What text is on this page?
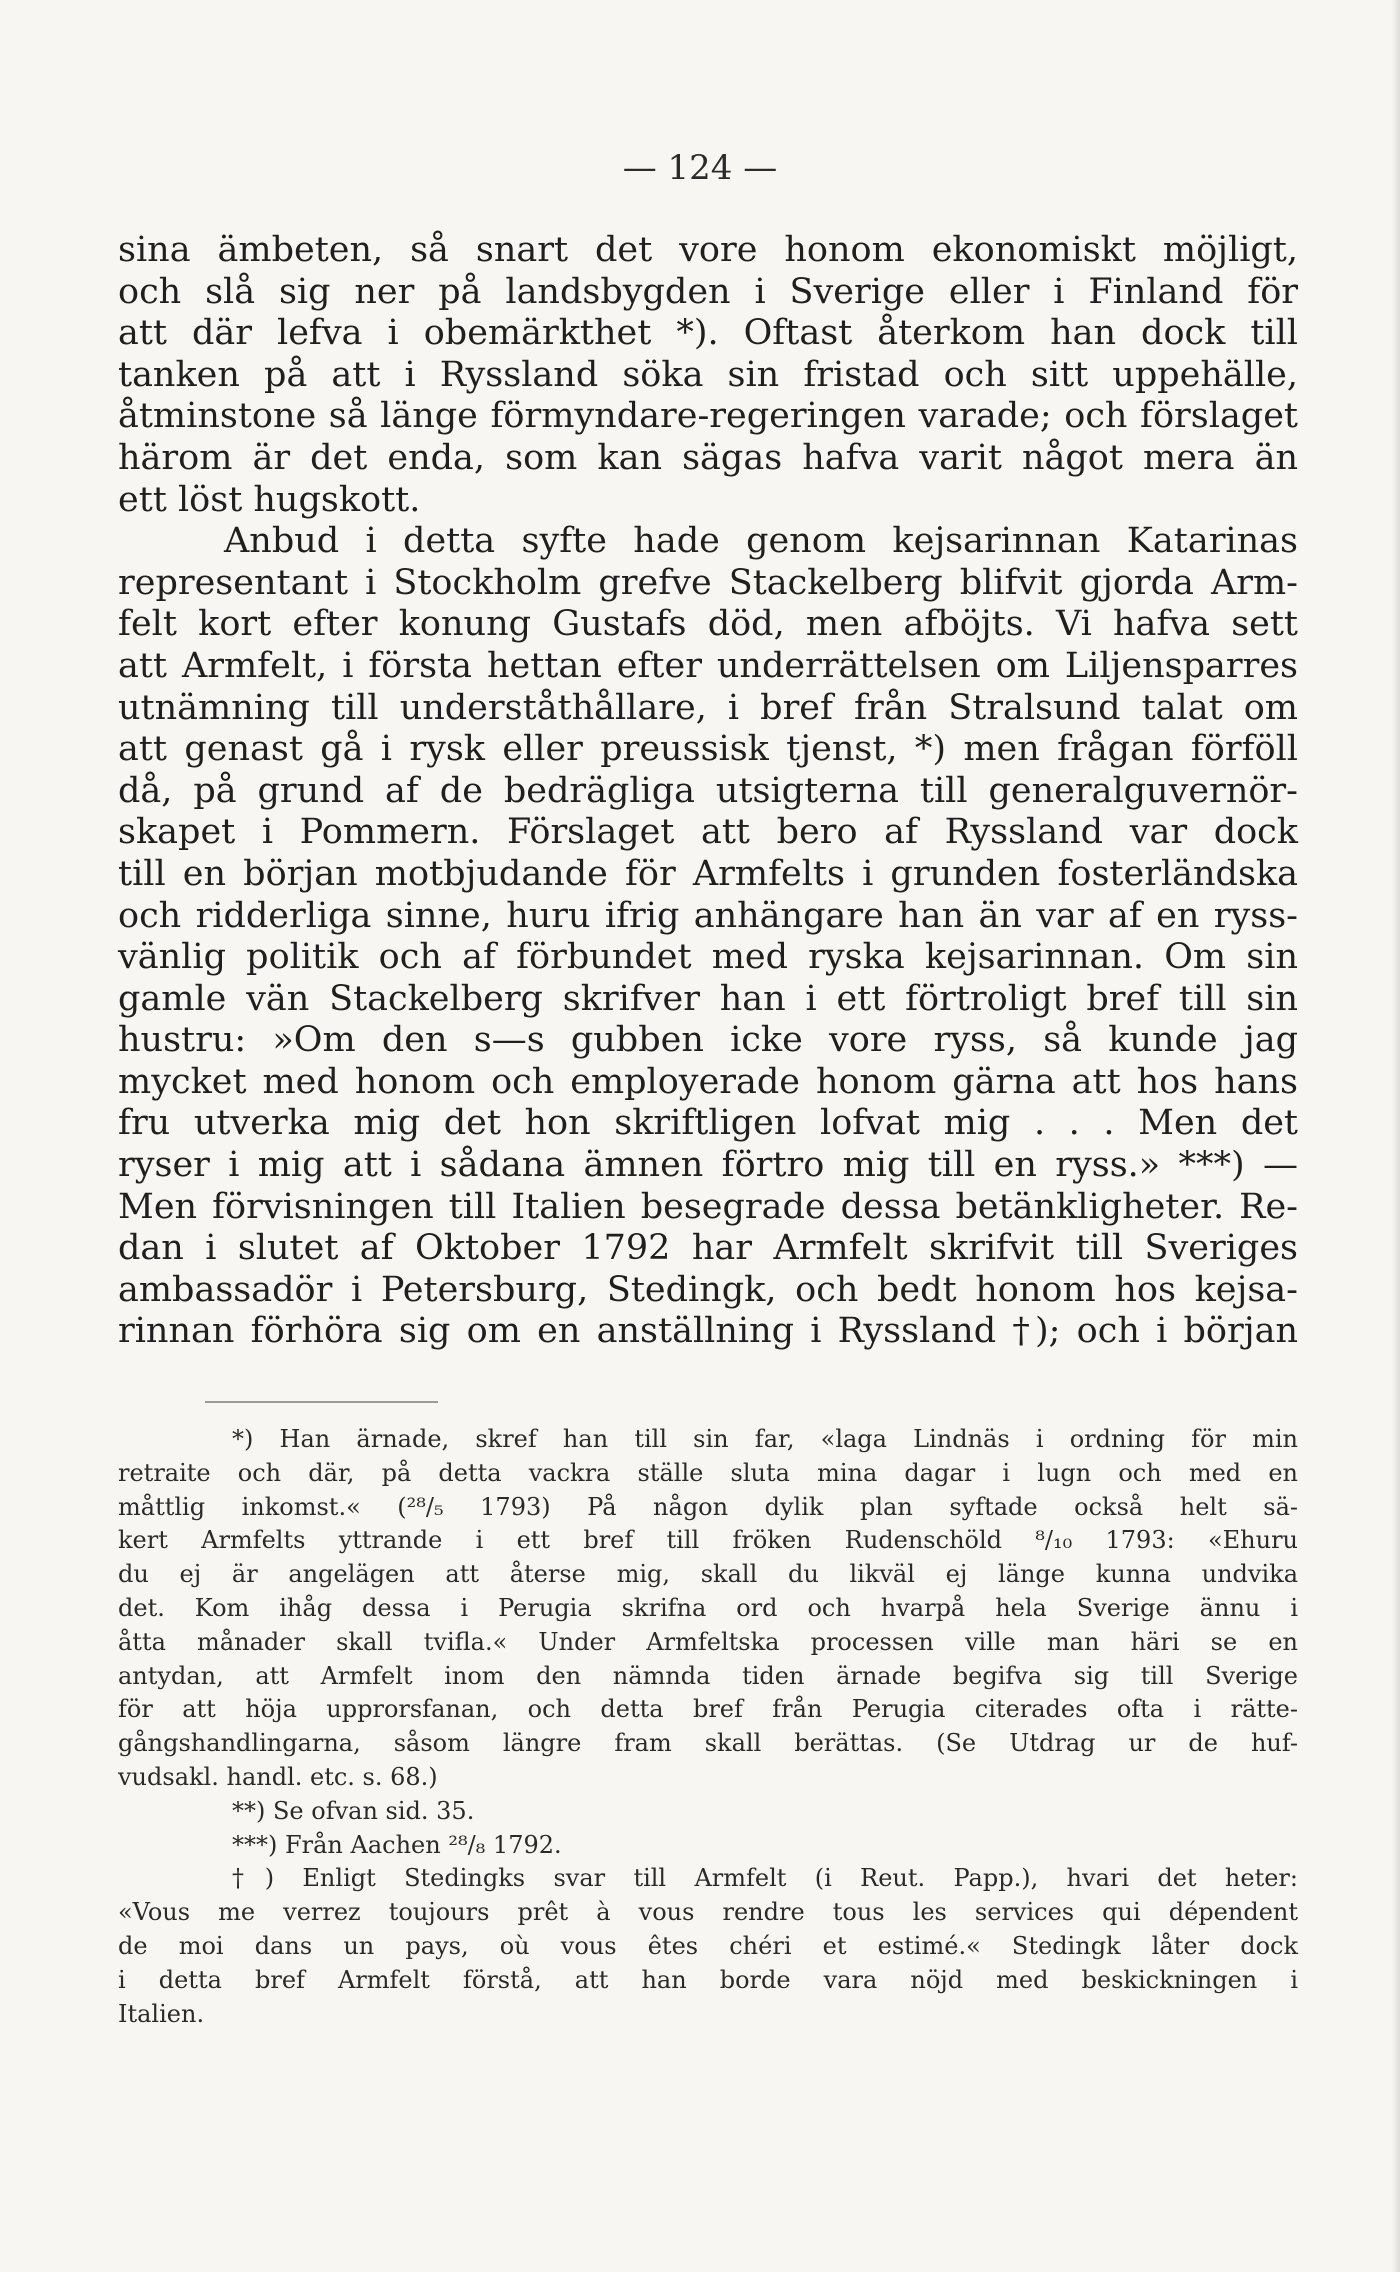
— 124 —
sina ämbeten, så snart det vore honom ekonomiskt möjligt,
och slå sig ner på landsbygden i Sverige eller i Finland för
att där lefva i obemärkthet *). Oftast återkom han dock till
tanken på att i Ryssland söka sin fristad och sitt uppehälle,
åtminstone så länge förmyndare-regeringen varade; och förslaget
härom är det enda, som kan sägas hafva varit något mera än
ett löst hugskott.
Anbud i detta syfte hade genom kejsarinnan Katarinas
representant i Stockholm grefve Stackelberg blifvit gjorda Arm-
felt kort efter konung Gustafs död, men afböjts. Vi hafva sett
att Armfelt, i första hettan efter underrättelsen om Liljensparres
utnämning till underståthållare, i bref från Stralsund talat om
att genast gå i rysk eller preussisk tjenst, *) men frågan förföll
då, på grund af de bedrägliga utsigterna till generalguvernör-
skapet i Pommern. Förslaget att bero af Ryssland var dock
till en början motbjudande för Armfelts i grunden fosterländska
och ridderliga sinne, huru ifrig anhängare han än var af en ryss-
vänlig politik och af förbundet med ryska kejsarinnan. Om sin
gamle vän Stackelberg skrifver han i ett förtroligt bref till sin
hustru: »Om den s—s gubben icke vore ryss, så kunde jag
mycket med honom och employerade honom gärna att hos hans
fru utverka mig det hon skriftligen lofvat mig . . . Men det
ryser i mig att i sådana ämnen förtro mig till en ryss.» ***) —
Men förvisningen till Italien besegrade dessa betänkligheter. Re-
dan i slutet af Oktober 1792 har Armfelt skrifvit till Sveriges
ambassadör i Petersburg, Stedingk, och bedt honom hos kejsa-
rinnan förhöra sig om en anställning i Ryssland †); och i början
*) Han ärnade, skref han till sin far, «laga Lindnäs i ordning för min
retraite och där, på detta vackra ställe sluta mina dagar i lugn och med en
måttlig inkomst.« (²⁸/₅ 1793) På någon dylik plan syftade också helt sä-
kert Armfelts yttrande i ett bref till fröken Rudenschöld ⁸/₁₀ 1793: «Ehuru
du ej är angelägen att återse mig, skall du likväl ej länge kunna undvika
det. Kom ihåg dessa i Perugia skrifna ord och hvarpå hela Sverige ännu i
åtta månader skall tvifla.« Under Armfeltska processen ville man häri se en
antydan, att Armfelt inom den nämnda tiden ärnade begifva sig till Sverige
för att höja upprorsfanan, och detta bref från Perugia citerades ofta i rätte-
gångshandlingarna, såsom längre fram skall berättas. (Se Utdrag ur de huf-
vudsakl. handl. etc. s. 68.)
**) Se ofvan sid. 35.
***) Från Aachen ²⁸/₈ 1792.
†) Enligt Stedingks svar till Armfelt (i Reut. Papp.), hvari det heter:
«Vous me verrez toujours prêt à vous rendre tous les services qui dépendent
de moi dans un pays, où vous êtes chéri et estimé.« Stedingk låter dock
i detta bref Armfelt förstå, att han borde vara nöjd med beskickningen i
Italien.
